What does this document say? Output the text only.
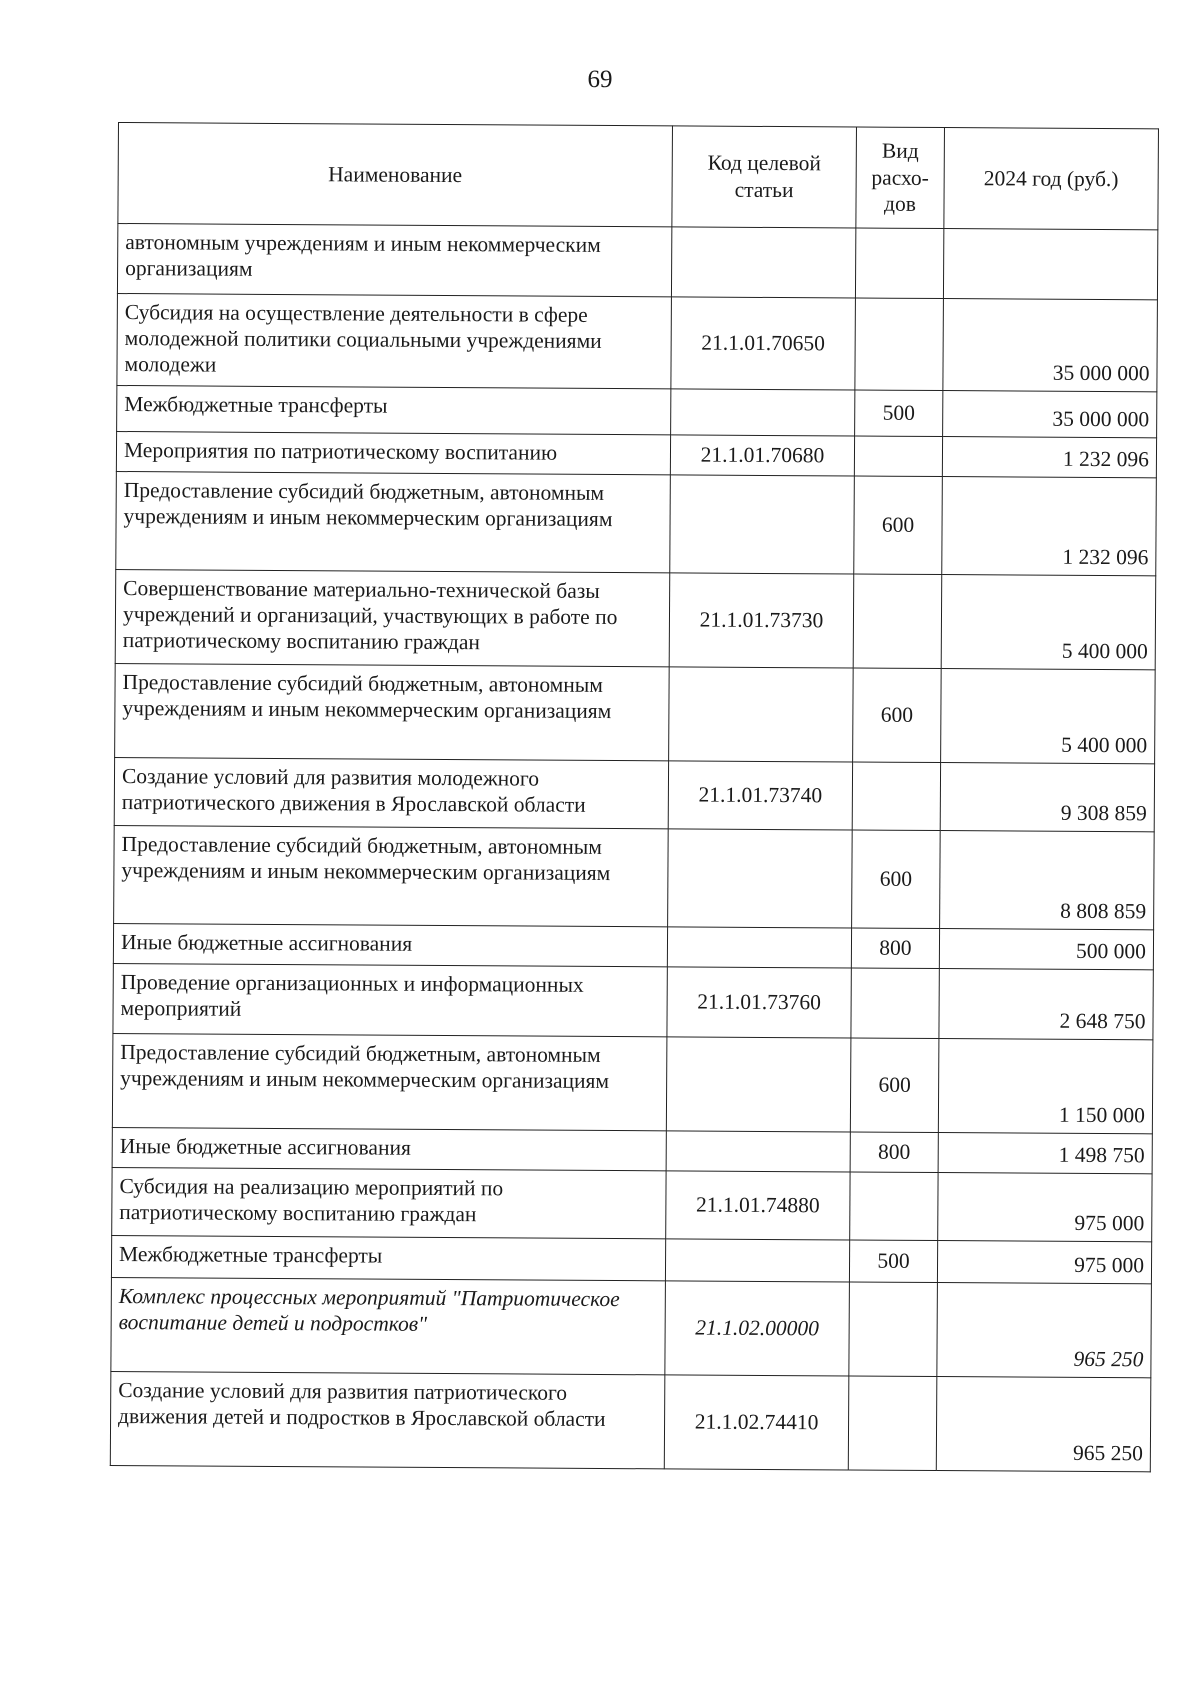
69
Наименование	Код целевой статьи	Вид расхо-дов	2024 год (руб.)
автономным учреждениям и иным некоммерческим организациям			
Субсидия на осуществление деятельности в сфере молодежной политики социальными учреждениями молодежи	21.1.01.70650		35 000 000
Межбюджетные трансферты		500	35 000 000
Мероприятия по патриотическому воспитанию	21.1.01.70680		1 232 096
Предоставление субсидий бюджетным, автономным учреждениям и иным некоммерческим организациям		600	1 232 096
Совершенствование материально-технической базы учреждений и организаций, участвующих в работе по патриотическому воспитанию граждан	21.1.01.73730		5 400 000
Предоставление субсидий бюджетным, автономным учреждениям и иным некоммерческим организациям		600	5 400 000
Создание условий для развития молодежного патриотического движения в Ярославской области	21.1.01.73740		9 308 859
Предоставление субсидий бюджетным, автономным учреждениям и иным некоммерческим организациям		600	8 808 859
Иные бюджетные ассигнования		800	500 000
Проведение организационных и информационных мероприятий	21.1.01.73760		2 648 750
Предоставление субсидий бюджетным, автономным учреждениям и иным некоммерческим организациям		600	1 150 000
Иные бюджетные ассигнования		800	1 498 750
Субсидия на реализацию мероприятий по патриотическому воспитанию граждан	21.1.01.74880		975 000
Межбюджетные трансферты		500	975 000
Комплекс процессных мероприятий "Патриотическое воспитание детей и подростков"	21.1.02.00000		965 250
Создание условий для развития патриотического движения детей и подростков в Ярославской области	21.1.02.74410		965 250
